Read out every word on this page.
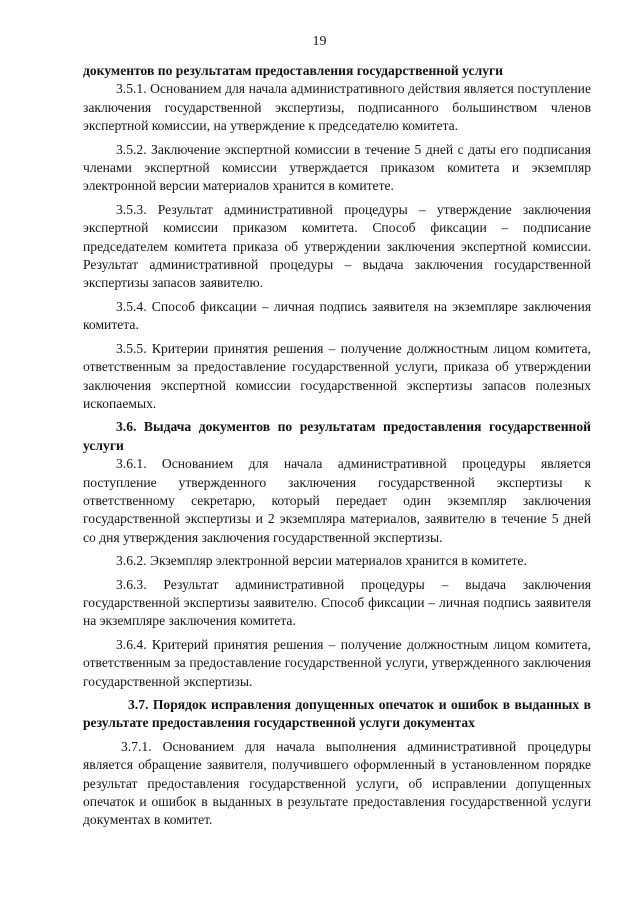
19

документов по результатам предоставления государственной услуги

3.5.1. Основанием для начала административного действия является поступление заключения государственной экспертизы, подписанного большинством членов экспертной комиссии, на утверждение к председателю комитета.

3.5.2. Заключение экспертной комиссии в течение 5 дней с даты его подписания членами экспертной комиссии утверждается приказом комитета и экземпляр электронной версии материалов хранится в комитете.

3.5.3. Результат административной процедуры – утверждение заключения экспертной комиссии приказом комитета. Способ фиксации – подписание председателем комитета приказа об утверждении заключения экспертной комиссии. Результат административной процедуры – выдача заключения государственной экспертизы запасов заявителю.

3.5.4. Способ фиксации – личная подпись заявителя на экземпляре заключения комитета.

3.5.5. Критерии принятия решения – получение должностным лицом комитета, ответственным за предоставление государственной услуги, приказа об утверждении заключения экспертной комиссии государственной экспертизы запасов полезных ископаемых.

3.6. Выдача документов по результатам предоставления государственной услуги

3.6.1. Основанием для начала административной процедуры является поступление утвержденного заключения государственной экспертизы к ответственному секретарю, который передает один экземпляр заключения государственной экспертизы и 2 экземпляра материалов, заявителю в течение 5 дней со дня утверждения заключения государственной экспертизы.

3.6.2. Экземпляр электронной версии материалов хранится в комитете.

3.6.3. Результат административной процедуры – выдача заключения государственной экспертизы заявителю. Способ фиксации – личная подпись заявителя на экземпляре заключения комитета.

3.6.4. Критерий принятия решения – получение должностным лицом комитета, ответственным за предоставление государственной услуги, утвержденного заключения государственной экспертизы.

3.7. Порядок исправления допущенных опечаток и ошибок в выданных в результате предоставления государственной услуги документах

3.7.1. Основанием для начала выполнения административной процедуры является обращение заявителя, получившего оформленный в установленном порядке результат предоставления государственной услуги, об исправлении допущенных опечаток и ошибок в выданных в результате предоставления государственной услуги документах в комитет.
